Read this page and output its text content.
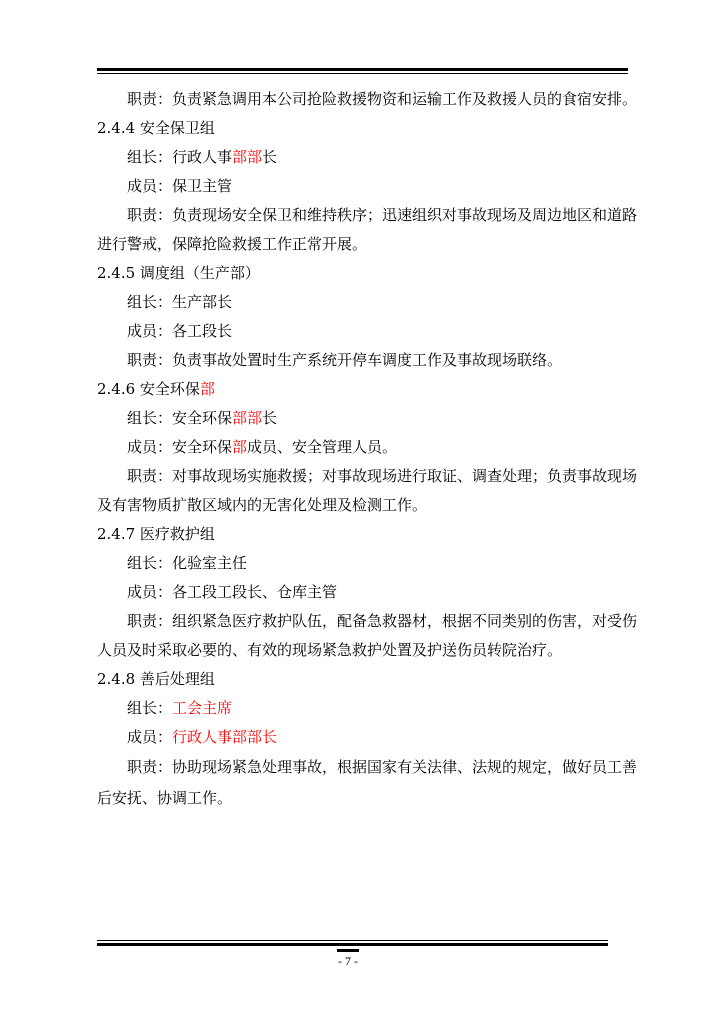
职责：负责紧急调用本公司抢险救援物资和运输工作及救援人员的食宿安排。
2.4.4 安全保卫组
组长：行政人事部部长
成员：保卫主管
职责：负责现场安全保卫和维持秩序；迅速组织对事故现场及周边地区和道路
进行警戒，保障抢险救援工作正常开展。
2.4.5 调度组（生产部）
组长：生产部长
成员：各工段长
职责：负责事故处置时生产系统开停车调度工作及事故现场联络。
2.4.6 安全环保部
组长：安全环保部部长
成员：安全环保部成员、安全管理人员。
职责：对事故现场实施救援；对事故现场进行取证、调查处理；负责事故现场
及有害物质扩散区域内的无害化处理及检测工作。
2.4.7 医疗救护组
组长：化验室主任
成员：各工段工段长、仓库主管
职责：组织紧急医疗救护队伍，配备急救器材，根据不同类别的伤害，对受伤
人员及时采取必要的、有效的现场紧急救护处置及护送伤员转院治疗。
2.4.8 善后处理组
组长：工会主席
成员：行政人事部部长
职责：协助现场紧急处理事故，根据国家有关法律、法规的规定，做好员工善
后安抚、协调工作。
- 7 -
